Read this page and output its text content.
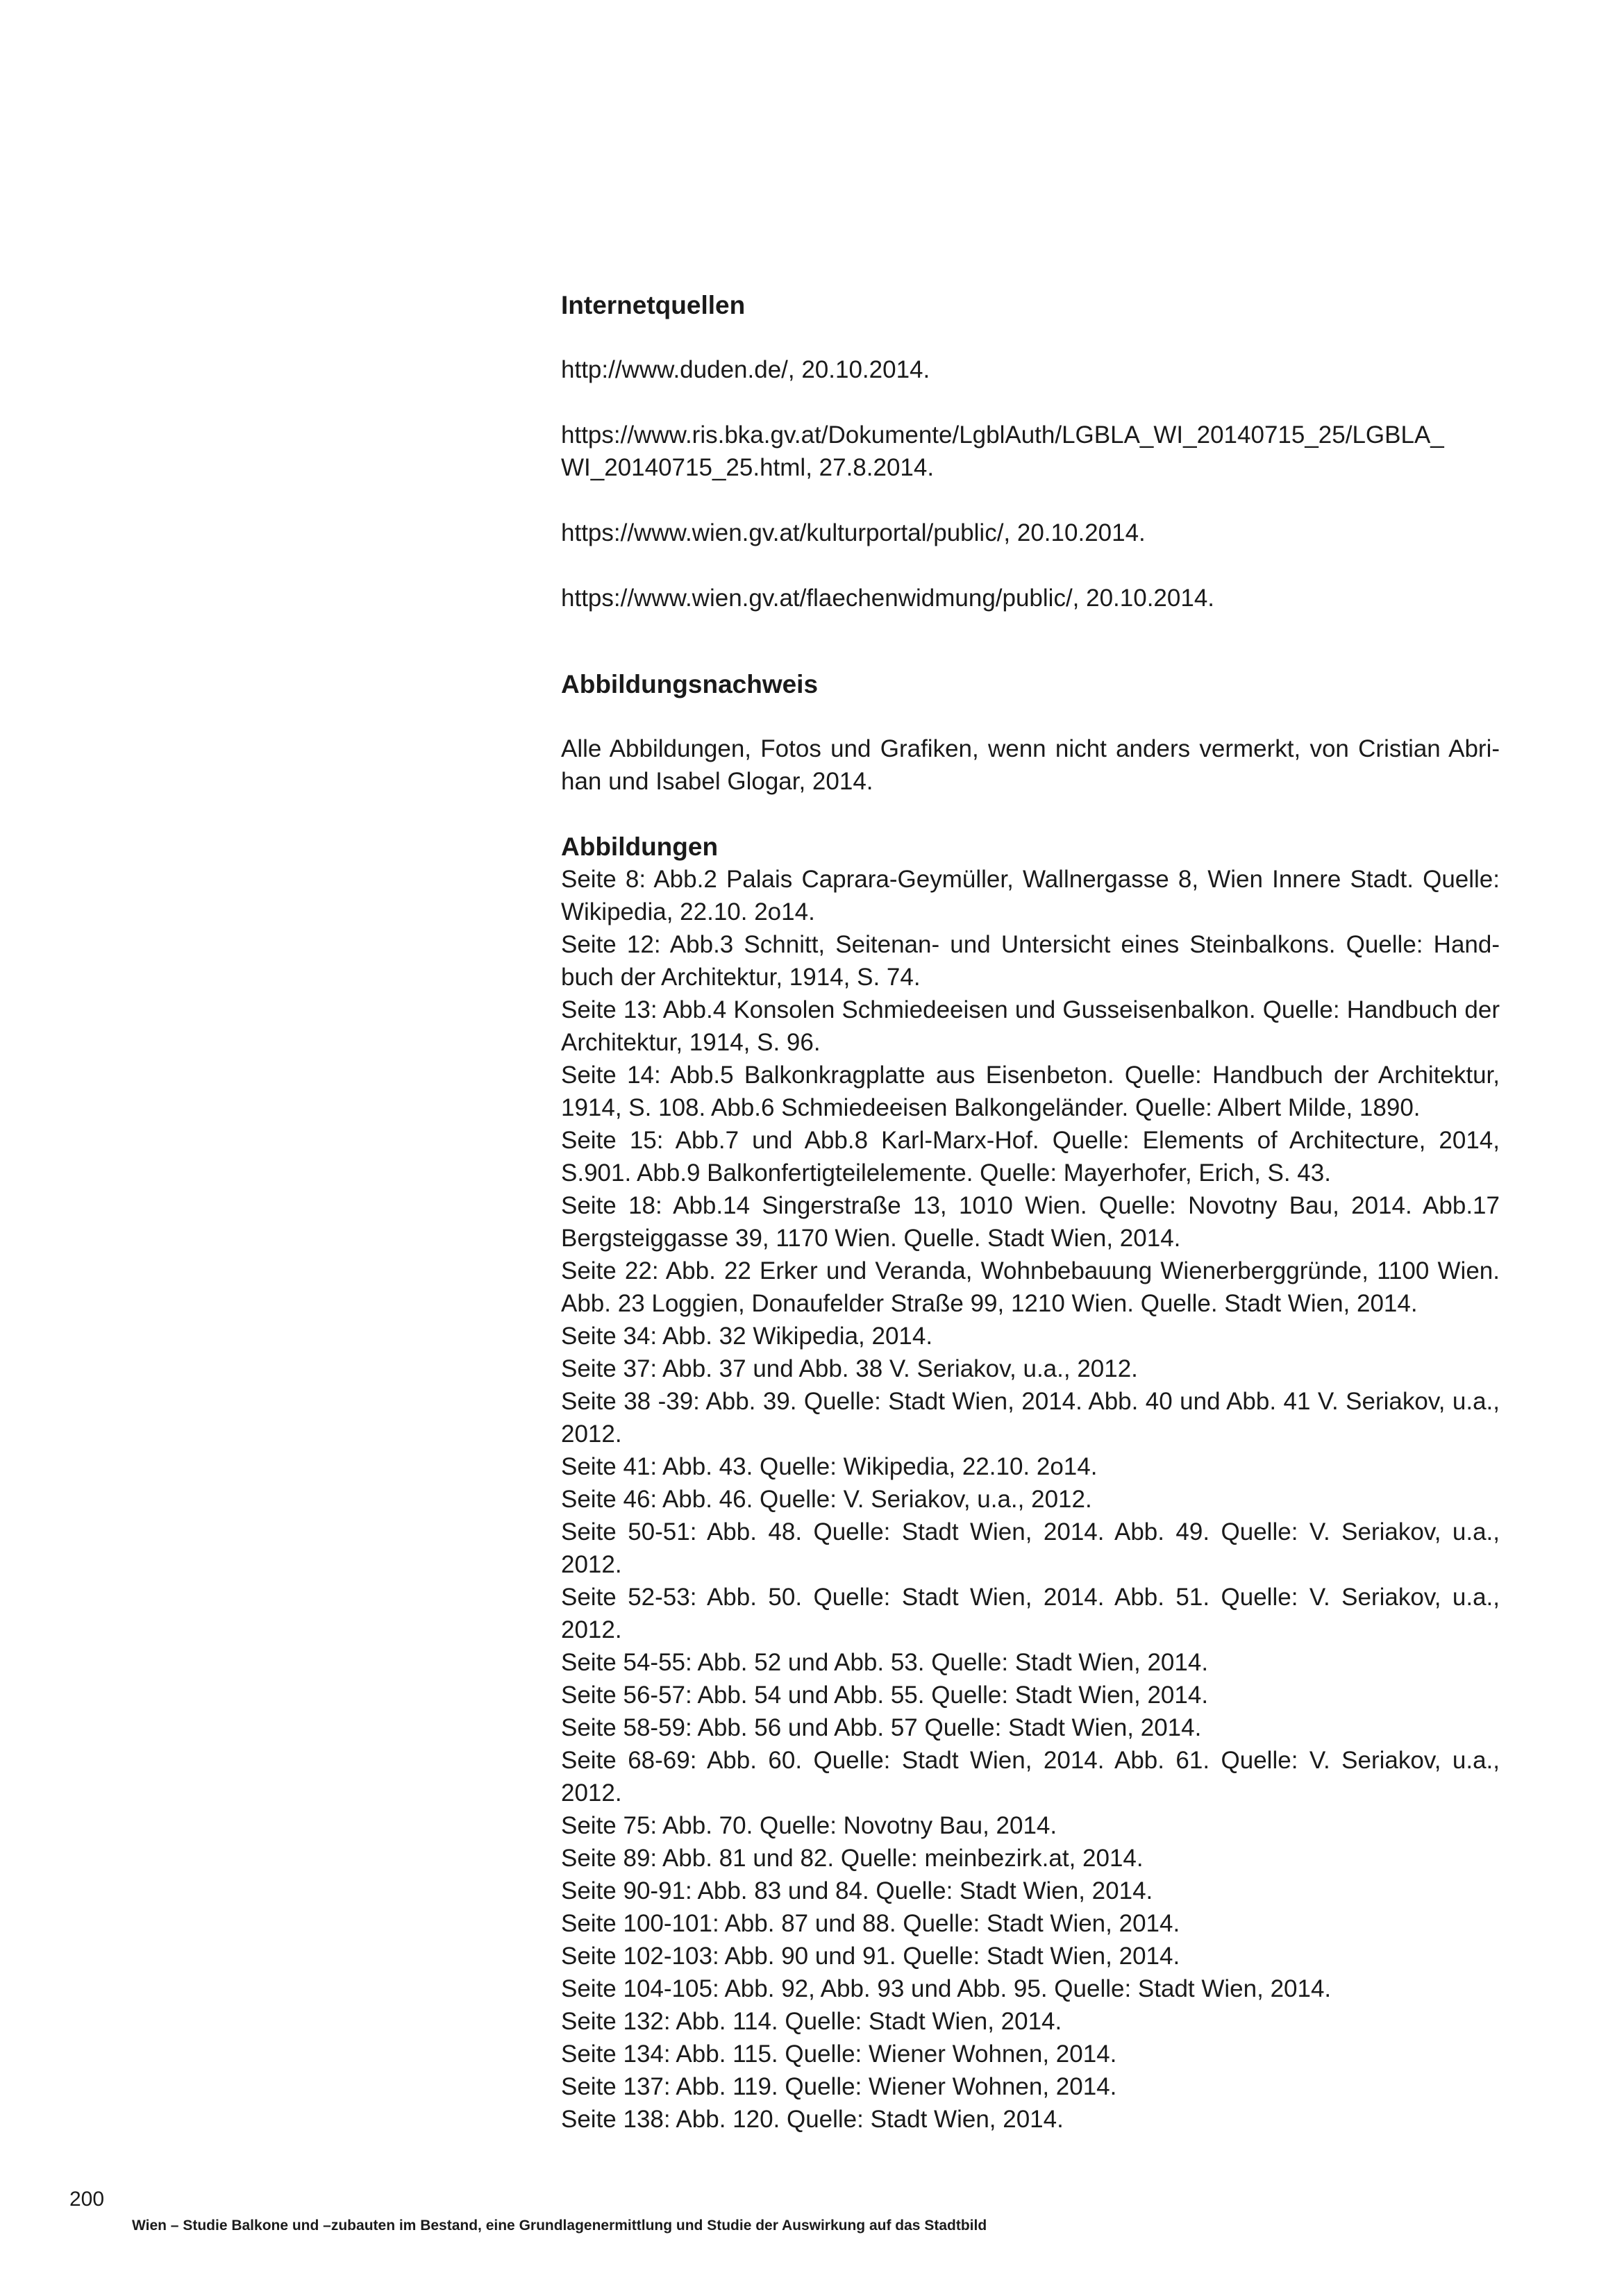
Internetquellen

http://www.duden.de/, 20.10.2014.

https://www.ris.bka.gv.at/Dokumente/LgblAuth/LGBLA_WI_20140715_25/LGBLA_ WI_20140715_25.html, 27.8.2014.

https://www.wien.gv.at/kulturportal/public/, 20.10.2014.

https://www.wien.gv.at/flaechenwidmung/public/, 20.10.2014.

Abbildungsnachweis

Alle Abbildungen, Fotos und Grafiken, wenn nicht anders vermerkt, von Cristian Abri-han und Isabel Glogar, 2014.

Abbildungen

Seite 8: Abb.2 Palais Caprara-Geymüller, Wallnergasse 8, Wien Innere Stadt. Quelle: Wikipedia, 22.10. 2o14.

Seite 12: Abb.3 Schnitt, Seitenan- und Untersicht eines Steinbalkons. Quelle: Hand-buch der Architektur, 1914, S. 74.

Seite 13: Abb.4 Konsolen Schmiedeeisen und Gusseisenbalkon. Quelle: Handbuch der Architektur, 1914, S. 96.

Seite 14: Abb.5 Balkonkragplatte aus Eisenbeton. Quelle: Handbuch der Architektur, 1914, S. 108. Abb.6 Schmiedeeisen Balkongeländer. Quelle: Albert Milde, 1890.

Seite 15: Abb.7 und Abb.8 Karl-Marx-Hof. Quelle: Elements of Architecture, 2014, S.901. Abb.9 Balkonfertigteilelemente. Quelle: Mayerhofer, Erich, S. 43.

Seite 18: Abb.14 Singerstraße 13, 1010 Wien. Quelle: Novotny Bau, 2014. Abb.17 Bergsteiggasse 39, 1170 Wien. Quelle. Stadt Wien, 2014.

Seite 22: Abb. 22 Erker und Veranda, Wohnbebauung Wienerberggründe, 1100 Wien. Abb. 23 Loggien, Donaufelder Straße 99, 1210 Wien. Quelle. Stadt Wien, 2014.

Seite 34: Abb. 32 Wikipedia, 2014.

Seite 37: Abb. 37 und Abb. 38 V. Seriakov, u.a., 2012.

Seite 38 -39: Abb. 39. Quelle: Stadt Wien, 2014. Abb. 40 und Abb. 41 V. Seriakov, u.a., 2012.

Seite 41: Abb. 43. Quelle: Wikipedia, 22.10. 2o14.

Seite 46: Abb. 46. Quelle: V. Seriakov, u.a., 2012.

Seite 50-51: Abb. 48. Quelle: Stadt Wien, 2014. Abb. 49. Quelle: V. Seriakov, u.a., 2012.

Seite 52-53: Abb. 50. Quelle: Stadt Wien, 2014. Abb. 51. Quelle: V. Seriakov, u.a., 2012.

Seite 54-55: Abb. 52 und Abb. 53. Quelle: Stadt Wien, 2014.

Seite 56-57: Abb. 54 und Abb. 55. Quelle: Stadt Wien, 2014.

Seite 58-59: Abb. 56 und Abb. 57 Quelle: Stadt Wien, 2014.

Seite 68-69: Abb. 60. Quelle: Stadt Wien, 2014. Abb. 61. Quelle: V. Seriakov, u.a., 2012.

Seite 75: Abb. 70. Quelle: Novotny Bau, 2014.

Seite 89: Abb. 81 und 82. Quelle: meinbezirk.at, 2014.

Seite 90-91: Abb. 83 und 84. Quelle: Stadt Wien, 2014.

Seite 100-101: Abb. 87 und 88. Quelle: Stadt Wien, 2014.

Seite 102-103: Abb. 90 und 91. Quelle: Stadt Wien, 2014.

Seite 104-105: Abb. 92, Abb. 93 und Abb. 95. Quelle: Stadt Wien, 2014.

Seite 132: Abb. 114. Quelle: Stadt Wien, 2014.

Seite 134: Abb. 115. Quelle: Wiener Wohnen, 2014.

Seite 137: Abb. 119. Quelle: Wiener Wohnen, 2014.

Seite 138: Abb. 120. Quelle: Stadt Wien, 2014.

200
Wien – Studie Balkone und –zubauten im Bestand, eine Grundlagenermittlung und Studie der Auswirkung auf das Stadtbild
